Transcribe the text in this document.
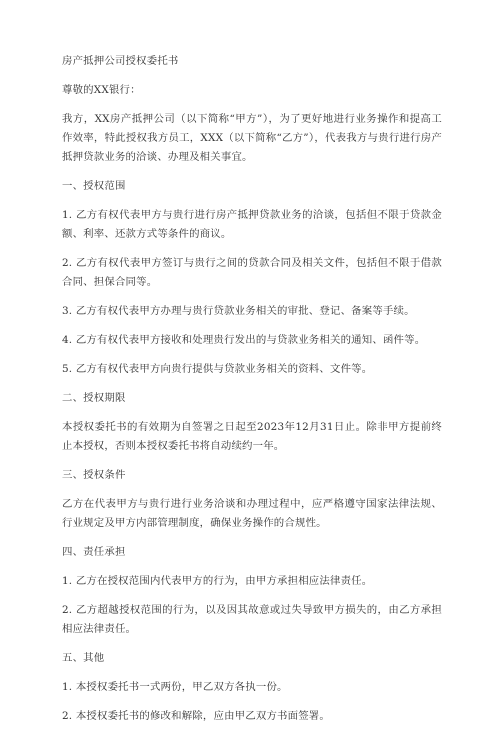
房产抵押公司授权委托书

尊敬的XX银行：

我方，XX房产抵押公司（以下简称“甲方”），为了更好地进行业务操作和提高工作效率，特此授权我方员工，XXX（以下简称“乙方”），代表我方与贵行进行房产抵押贷款业务的洽谈、办理及相关事宜。

一、授权范围

1. 乙方有权代表甲方与贵行进行房产抵押贷款业务的洽谈，包括但不限于贷款金额、利率、还款方式等条件的商议。

2. 乙方有权代表甲方签订与贵行之间的贷款合同及相关文件，包括但不限于借款合同、担保合同等。

3. 乙方有权代表甲方办理与贵行贷款业务相关的审批、登记、备案等手续。

4. 乙方有权代表甲方接收和处理贵行发出的与贷款业务相关的通知、函件等。

5. 乙方有权代表甲方向贵行提供与贷款业务相关的资料、文件等。

二、授权期限

本授权委托书的有效期为自签署之日起至2023年12月31日止。除非甲方提前终止本授权，否则本授权委托书将自动续约一年。

三、授权条件

乙方在代表甲方与贵行进行业务洽谈和办理过程中，应严格遵守国家法律法规、行业规定及甲方内部管理制度，确保业务操作的合规性。

四、责任承担

1. 乙方在授权范围内代表甲方的行为，由甲方承担相应法律责任。

2. 乙方超越授权范围的行为，以及因其故意或过失导致甲方损失的，由乙方承担相应法律责任。

五、其他

1. 本授权委托书一式两份，甲乙双方各执一份。

2. 本授权委托书的修改和解除，应由甲乙双方书面签署。
